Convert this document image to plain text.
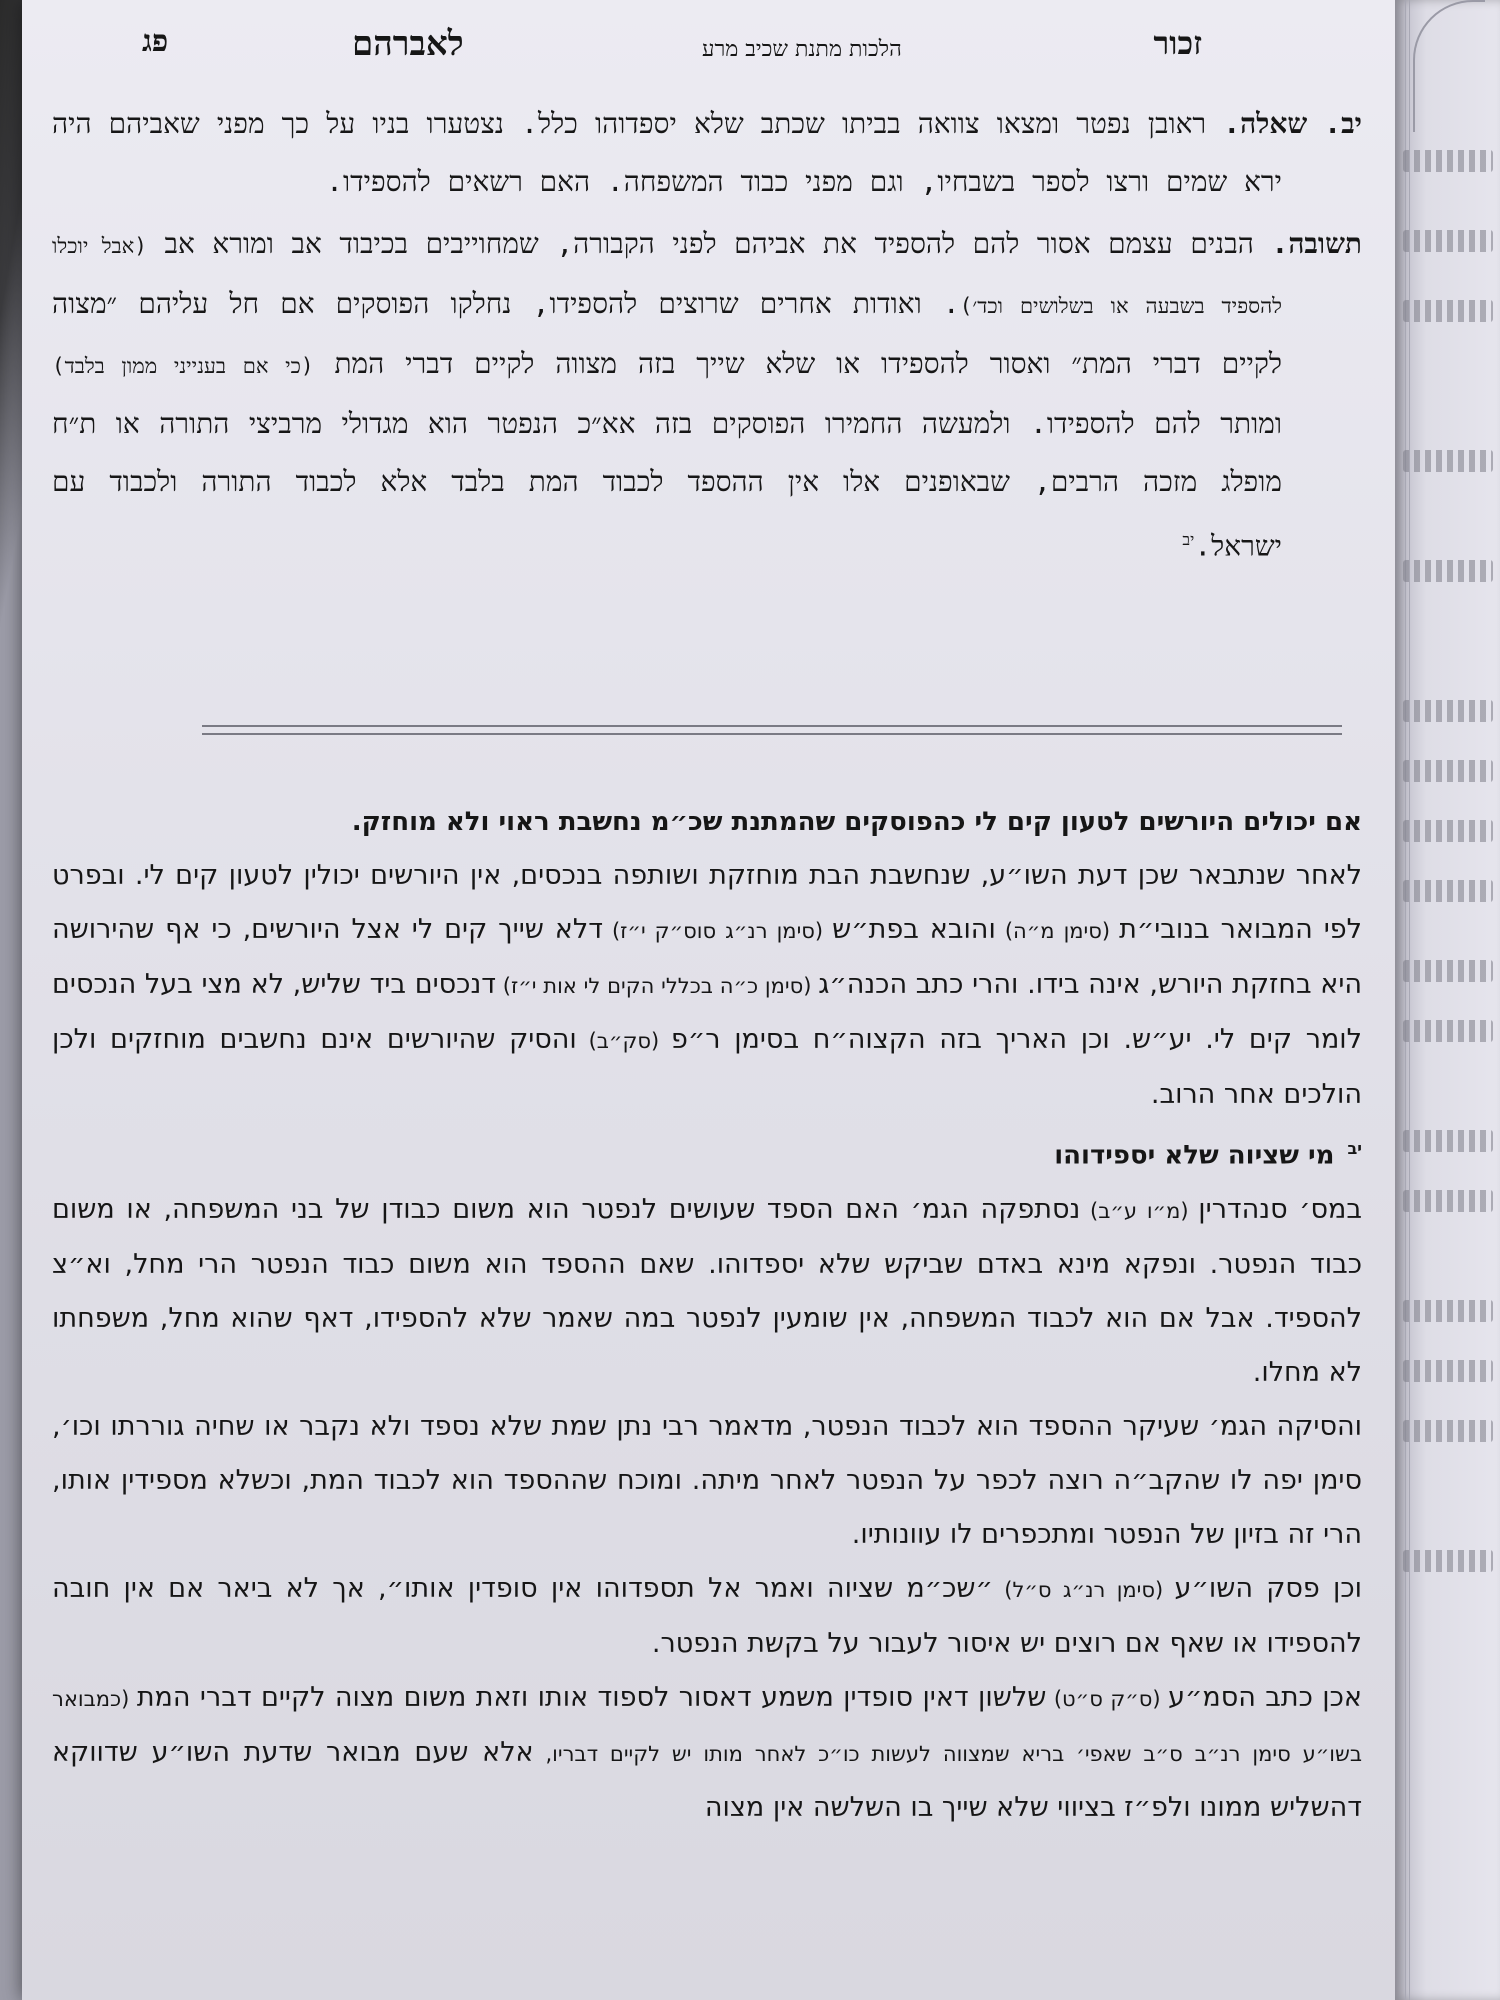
פג	לאברהם	הלכות מתנת שכיב מרע	זכור

יב. שאלה. ראובן נפטר ומצאו צוואה בביתו שכתב שלא יספדוהו כלל. נצטערו בניו על כך מפני שאביהם היה ירא שמים ורצו לספר בשבחיו, וגם מפני כבוד המשפחה. האם רשאים להספידו.

תשובה. הבנים עצמם אסור להם להספיד את אביהם לפני הקבורה, שמחוייבים בכיבוד אב ומורא אב (אבל יוכלו להספיד בשבעה או בשלושים וכד׳). ואודות אחרים שרוצים להספידו, נחלקו הפוסקים אם חל עליהם ״מצוה לקיים דברי המת״ ואסור להספידו או שלא שייך בזה מצווה לקיים דברי המת (כי אם בענייני ממון בלבד) ומותר להם להספידו. ולמעשה החמירו הפוסקים בזה אא״כ הנפטר הוא מגדולי מרביצי התורה או ת״ח מופלג מזכה הרבים, שבאופנים אלו אין ההספד לכבוד המת בלבד אלא לכבוד התורה ולכבוד עם ישראל.$^{יב}$

אם יכולים היורשים לטעון קים לי כהפוסקים שהמתנת שכ״מ נחשבת ראוי ולא מוחזק.

לאחר שנתבאר שכן דעת השו״ע, שנחשבת הבת מוחזקת ושותפה בנכסים, אין היורשים יכולין לטעון קים לי. ובפרט לפי המבואר בנובי״ת (סימן מ״ה) והובא בפת״ש (סימן רנ״ג סוס״ק י״ז) דלא שייך קים לי אצל היורשים, כי אף שהירושה היא בחזקת היורש, אינה בידו. והרי כתב הכנה״ג (סימן כ״ה בכללי הקים לי אות י״ז) דנכסים ביד שליש, לא מצי בעל הנכסים לומר קים לי. יע״ש. וכן האריך בזה הקצוה״ח בסימן ר״פ (סק״ב) והסיק שהיורשים אינם נחשבים מוחזקים ולכן הולכים אחר הרוב.

$^{יב}$ מי שציוה שלא יספידוהו

במס׳ סנהדרין (מ״ו ע״ב) נסתפקה הגמ׳ האם הספד שעושים לנפטר הוא משום כבודן של בני המשפחה, או משום כבוד הנפטר. ונפקא מינא באדם שביקש שלא יספדוהו. שאם ההספד הוא משום כבוד הנפטר הרי מחל, וא״צ להספיד. אבל אם הוא לכבוד המשפחה, אין שומעין לנפטר במה שאמר שלא להספידו, דאף שהוא מחל, משפחתו לא מחלו.

והסיקה הגמ׳ שעיקר ההספד הוא לכבוד הנפטר, מדאמר רבי נתן שמת שלא נספד ולא נקבר או שחיה גוררתו וכו׳, סימן יפה לו שהקב״ה רוצה לכפר על הנפטר לאחר מיתה. ומוכח שההספד הוא לכבוד המת, וכשלא מספידין אותו, הרי זה בזיון של הנפטר ומתכפרים לו עוונותיו.

וכן פסק השו״ע (סימן רנ״ג ס״ל) ״שכ״מ שציוה ואמר אל תספדוהו אין סופדין אותו״, אך לא ביאר אם אין חובה להספידו או שאף אם רוצים יש איסור לעבור על בקשת הנפטר.

אכן כתב הסמ״ע (ס״ק ס״ט) שלשון דאין סופדין משמע דאסור לספוד אותו וזאת משום מצוה לקיים דברי המת (כמבואר בשו״ע סימן רנ״ב ס״ב שאפי׳ בריא שמצווה לעשות כו״כ לאחר מותו יש לקיים דבריו, אלא שעם מבואר שדעת השו״ע שדווקא דהשליש ממונו ולפ״ז בציווי שלא שייך בו השלשה אין מצוה
